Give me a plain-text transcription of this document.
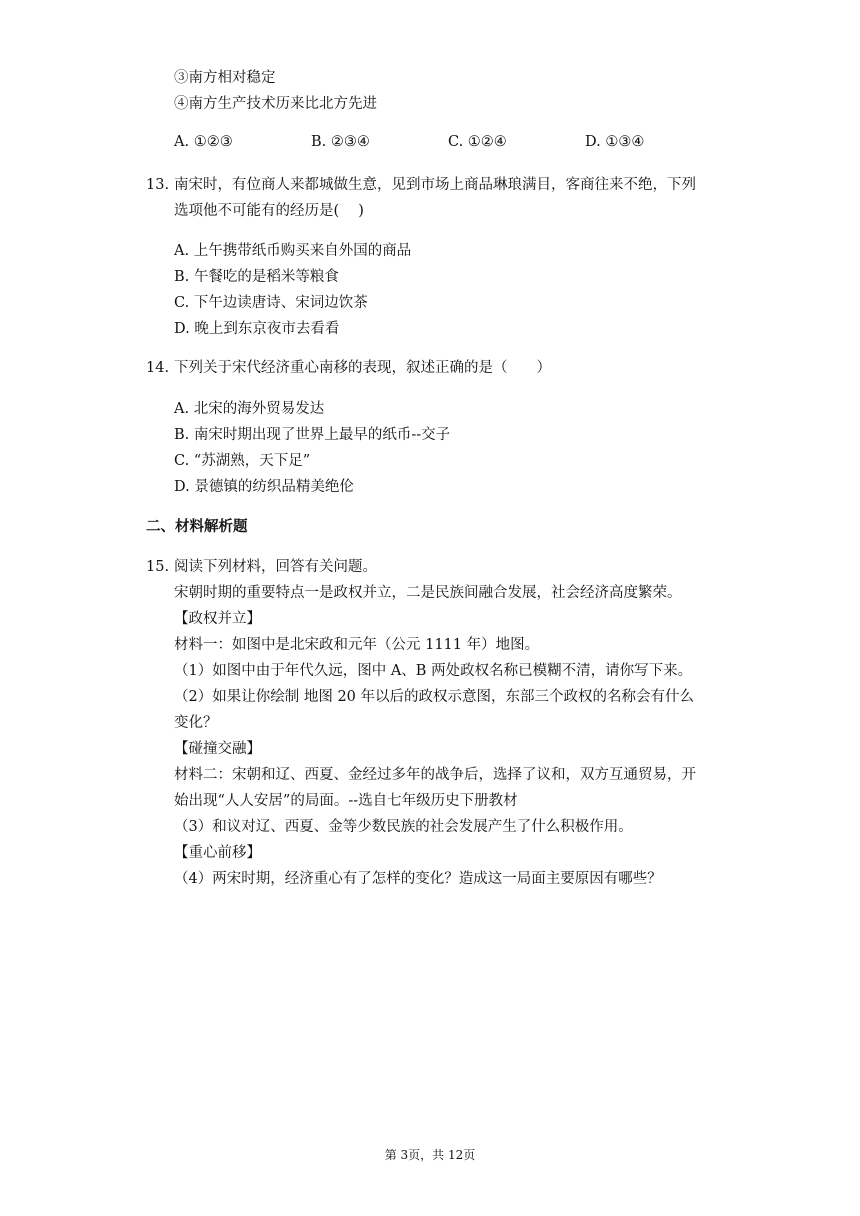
③南方相对稳定
④南方生产技术历来比北方先进
A. ①②③	B. ②③④	C. ①②④	D. ①③④
13. 南宋时，有位商人来都城做生意，见到市场上商品琳琅满目，客商往来不绝，下列
选项他不可能有的经历是(　 )
A. 上午携带纸币购买来自外国的商品
B. 午餐吃的是稻米等粮食
C. 下午边读唐诗、宋词边饮茶
D. 晚上到东京夜市去看看
14. 下列关于宋代经济重心南移的表现，叙述正确的是（　　）
A. 北宋的海外贸易发达
B. 南宋时期出现了世界上最早的纸币--交子
C. “苏湖熟，天下足”
D. 景德镇的纺织品精美绝伦
二、材料解析题
15. 阅读下列材料，回答有关问题。
宋朝时期的重要特点一是政权并立，二是民族间融合发展，社会经济高度繁荣。
【政权并立】
材料一：如图中是北宋政和元年（公元 1111 年）地图。
（1）如图中由于年代久远，图中 A、B 两处政权名称已模糊不清，请你写下来。
（2）如果让你绘制 地图 20 年以后的政权示意图，东部三个政权的名称会有什么
变化？
【碰撞交融】
材料二：宋朝和辽、西夏、金经过多年的战争后，选择了议和，双方互通贸易，开
始出现“人人安居”的局面。--选自七年级历史下册教材
（3）和议对辽、西夏、金等少数民族的社会发展产生了什么积极作用。
【重心前移】
（4）两宋时期，经济重心有了怎样的变化？造成这一局面主要原因有哪些？
第 3页，共 12页
